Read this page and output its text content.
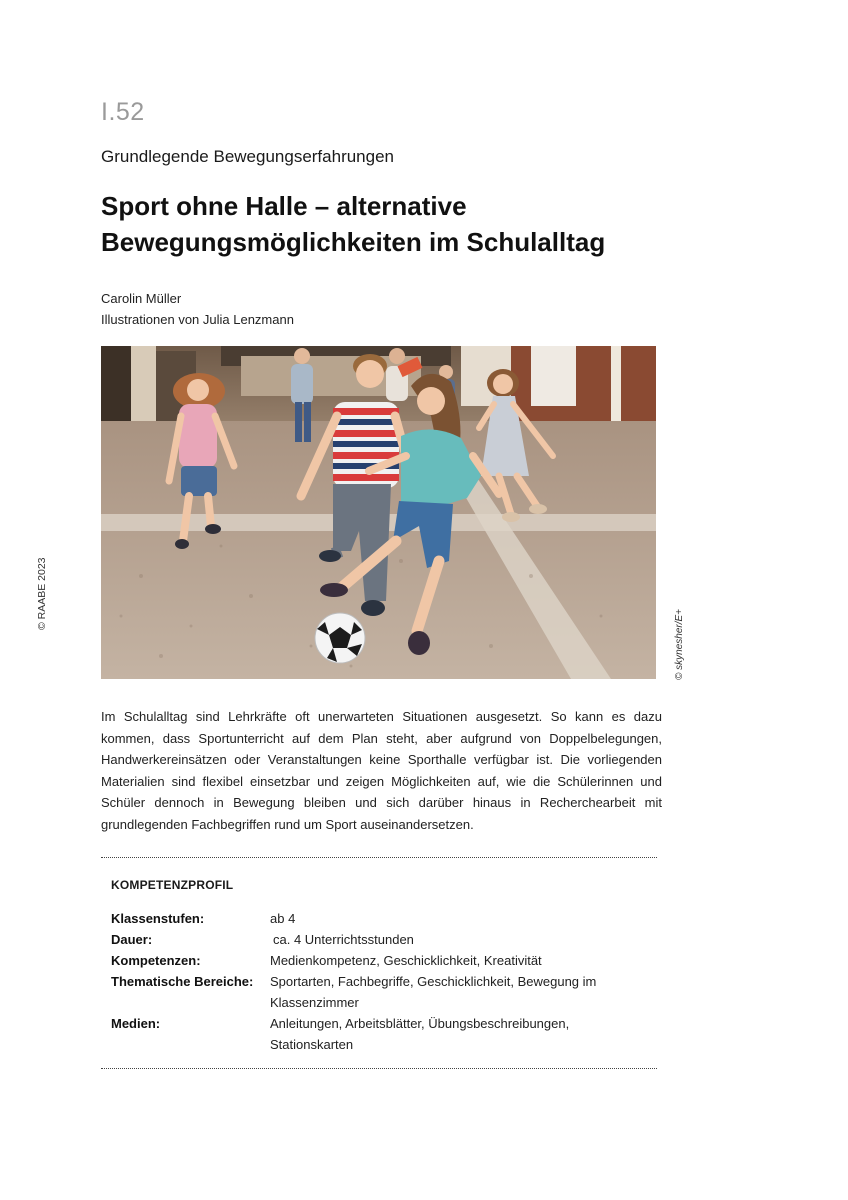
I.52
Grundlegende Bewegungserfahrungen
Sport ohne Halle – alternative
Bewegungsmöglichkeiten im Schulalltag
Carolin Müller
Illustrationen von Julia Lenzmann
© RAABE 2023
© skynesher/E+

Im Schulalltag sind Lehrkräfte oft unerwarteten Situationen ausgesetzt. So kann es dazu kommen, dass Sportunterricht auf dem Plan steht, aber aufgrund von Doppelbelegungen, Handwerkereinsätzen oder Veranstaltungen keine Sporthalle verfügbar ist. Die vorliegenden Materialien sind flexibel einsetzbar und zeigen Möglichkeiten auf, wie die Schülerinnen und Schüler dennoch in Bewegung bleiben und sich darüber hinaus in Recherchearbeit mit grundlegenden Fachbegriffen rund um Sport auseinandersetzen.

KOMPETENZPROFIL
Klassenstufen:	ab 4
Dauer:	ca. 4 Unterrichtsstunden
Kompetenzen:	Medienkompetenz, Geschicklichkeit, Kreativität
Thematische Bereiche:	Sportarten, Fachbegriffe, Geschicklichkeit, Bewegung im Klassenzimmer
Medien:	Anleitungen, Arbeitsblätter, Übungsbeschreibungen, Stationskarten
